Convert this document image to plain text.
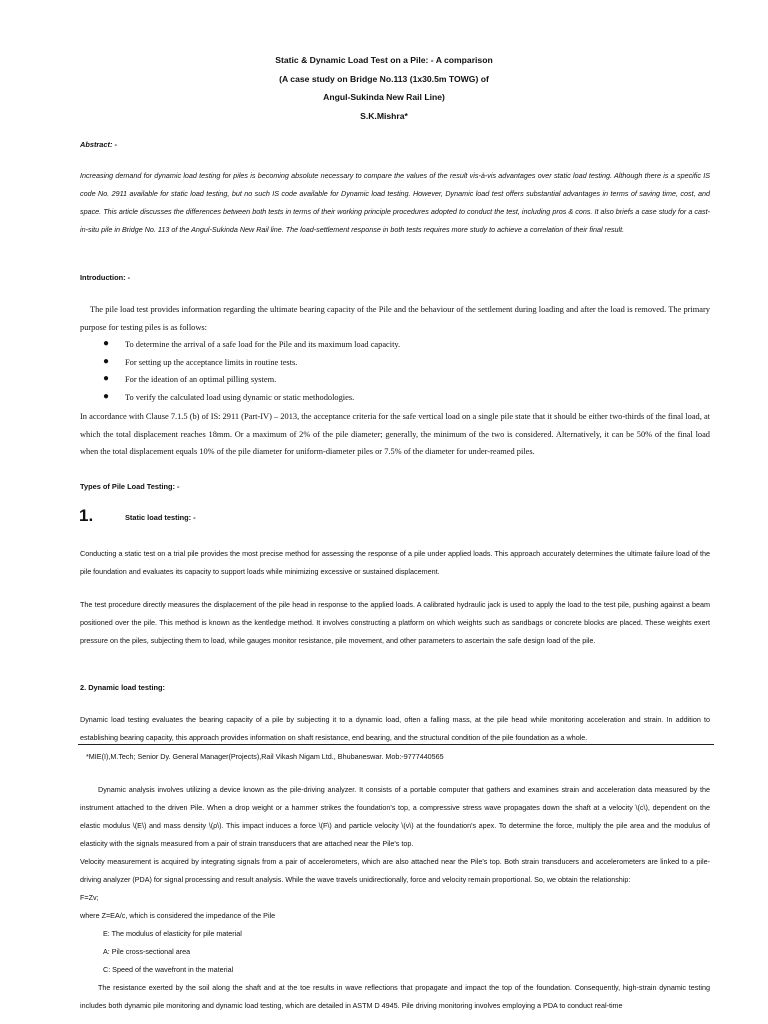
Static & Dynamic Load Test on a Pile: - A comparison
(A case study on Bridge No.113 (1x30.5m TOWG) of
Angul-Sukinda New Rail Line)
S.K.Mishra*
Abstract: -
Increasing demand for dynamic load testing for piles is becoming absolute necessary to compare the values of the result vis-à-vis advantages over static load testing. Although there is a specific IS code No. 2911 available for static load testing, but no such IS code available for Dynamic load testing. However, Dynamic load test offers substantial advantages in terms of saving time, cost, and space. This article discusses the differences between both tests in terms of their working principle procedures adopted to conduct the test, including pros & cons. It also briefs a case study for a cast-in-situ pile in Bridge No. 113 of the Angul-Sukinda New Rail line. The load-settlement response in both tests requires more study to achieve a correlation of their final result.
Introduction: -
The pile load test provides information regarding the ultimate bearing capacity of the Pile and the behaviour of the settlement during loading and after the load is removed. The primary purpose for testing piles is as follows:
● To determine the arrival of a safe load for the Pile and its maximum load capacity.
● For setting up the acceptance limits in routine tests.
● For the ideation of an optimal pilling system.
● To verify the calculated load using dynamic or static methodologies.
In accordance with Clause 7.1.5 (b) of IS: 2911 (Part-IV) – 2013, the acceptance criteria for the safe vertical load on a single pile state that it should be either two-thirds of the final load, at which the total displacement reaches 18mm. Or a maximum of 2% of the pile diameter; generally, the minimum of the two is considered. Alternatively, it can be 50% of the final load when the total displacement equals 10% of the pile diameter for uniform-diameter piles or 7.5% of the diameter for under-reamed piles.
Types of Pile Load Testing: -
1.	Static load testing: -
Conducting a static test on a trial pile provides the most precise method for assessing the response of a pile under applied loads. This approach accurately determines the ultimate failure load of the pile foundation and evaluates its capacity to support loads while minimizing excessive or sustained displacement.
The test procedure directly measures the displacement of the pile head in response to the applied loads. A calibrated hydraulic jack is used to apply the load to the test pile, pushing against a beam positioned over the pile. This method is known as the kentledge method. It involves constructing a platform on which weights such as sandbags or concrete blocks are placed. These weights exert pressure on the piles, subjecting them to load, while gauges monitor resistance, pile movement, and other parameters to ascertain the safe design load of the pile.
2. Dynamic load testing:
Dynamic load testing evaluates the bearing capacity of a pile by subjecting it to a dynamic load, often a falling mass, at the pile head while monitoring acceleration and strain. In addition to establishing bearing capacity, this approach provides information on shaft resistance, end bearing, and the structural condition of the pile foundation as a whole.
*MIE(I),M.Tech; Senior Dy. General Manager(Projects),Rail Vikash Nigam Ltd., Bhubaneswar. Mob:-9777440565
Dynamic analysis involves utilizing a device known as the pile-driving analyzer. It consists of a portable computer that gathers and examines strain and acceleration data measured by the instrument attached to the driven Pile. When a drop weight or a hammer strikes the foundation's top, a compressive stress wave propagates down the shaft at a velocity \(c\), dependent on the elastic modulus \(E\) and mass density \(ρ\). This impact induces a force \(F\) and particle velocity \(v\) at the foundation's apex. To determine the force, multiply the pile area and the modulus of elasticity with the signals measured from a pair of strain transducers that are attached near the Pile's top.
Velocity measurement is acquired by integrating signals from a pair of accelerometers, which are also attached near the Pile's top. Both strain transducers and accelerometers are linked to a pile-driving analyzer (PDA) for signal processing and result analysis. While the wave travels unidirectionally, force and velocity remain proportional. So, we obtain the relationship:
F=Zv;
where Z=EA/c, which is considered the impedance of the Pile
E: The modulus of elasticity for pile material
A: Pile cross-sectional area
C: Speed of the wavefront in the material
The resistance exerted by the soil along the shaft and at the toe results in wave reflections that propagate and impact the top of the foundation. Consequently, high-strain dynamic testing includes both dynamic pile monitoring and dynamic load testing, which are detailed in ASTM D 4945. Pile driving monitoring involves employing a PDA to conduct real-time
